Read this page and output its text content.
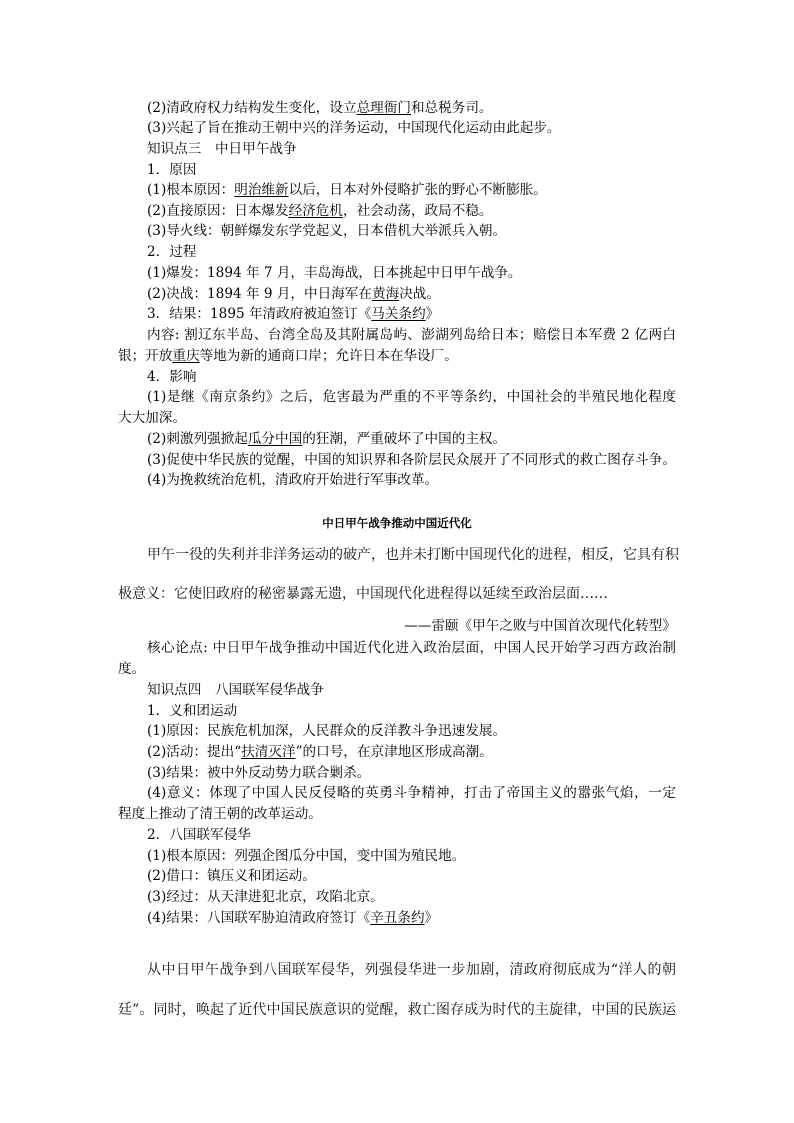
(2)清政府权力结构发生变化，设立总理衙门和总税务司。
(3)兴起了旨在推动王朝中兴的洋务运动，中国现代化运动由此起步。
知识点三　中日甲午战争
1．原因
(1)根本原因：明治维新以后，日本对外侵略扩张的野心不断膨胀。
(2)直接原因：日本爆发经济危机，社会动荡，政局不稳。
(3)导火线：朝鲜爆发东学党起义，日本借机大举派兵入朝。
2．过程
(1)爆发：1894 年 7 月，丰岛海战，日本挑起中日甲午战争。
(2)决战：1894 年 9 月，中日海军在黄海决战。
3．结果：1895 年清政府被迫签订《马关条约》
内容: 割辽东半岛、台湾全岛及其附属岛屿、澎湖列岛给日本；赔偿日本军费 2 亿两白
银；开放重庆等地为新的通商口岸；允许日本在华设厂。
4．影响
(1)是继《南京条约》之后，危害最为严重的不平等条约，中国社会的半殖民地化程度
大大加深。
(2)刺激列强掀起瓜分中国的狂潮，严重破坏了中国的主权。
(3)促使中华民族的觉醒，中国的知识界和各阶层民众展开了不同形式的救亡图存斗争。
(4)为挽救统治危机，清政府开始进行军事改革。
中日甲午战争推动中国近代化
甲午一役的失利并非洋务运动的破产，也并未打断中国现代化的进程，相反，它具有积
极意义：它使旧政府的秘密暴露无遗，中国现代化进程得以延续至政治层面……
——雷颐《甲午之败与中国首次现代化转型》
核心论点: 中日甲午战争推动中国近代化进入政治层面，中国人民开始学习西方政治制
度。
知识点四　八国联军侵华战争
1．义和团运动
(1)原因：民族危机加深，人民群众的反洋教斗争迅速发展。
(2)活动：提出“扶清灭洋”的口号，在京津地区形成高潮。
(3)结果：被中外反动势力联合剿杀。
(4)意义：体现了中国人民反侵略的英勇斗争精神，打击了帝国主义的嚣张气焰，一定
程度上推动了清王朝的改革运动。
2．八国联军侵华
(1)根本原因：列强企图瓜分中国，变中国为殖民地。
(2)借口：镇压义和团运动。
(3)经过：从天津进犯北京，攻陷北京。
(4)结果：八国联军胁迫清政府签订《辛丑条约》
从中日甲午战争到八国联军侵华，列强侵华进一步加剧，清政府彻底成为“洋人的朝
廷”。同时，唤起了近代中国民族意识的觉醒，救亡图存成为时代的主旋律，中国的民族运
